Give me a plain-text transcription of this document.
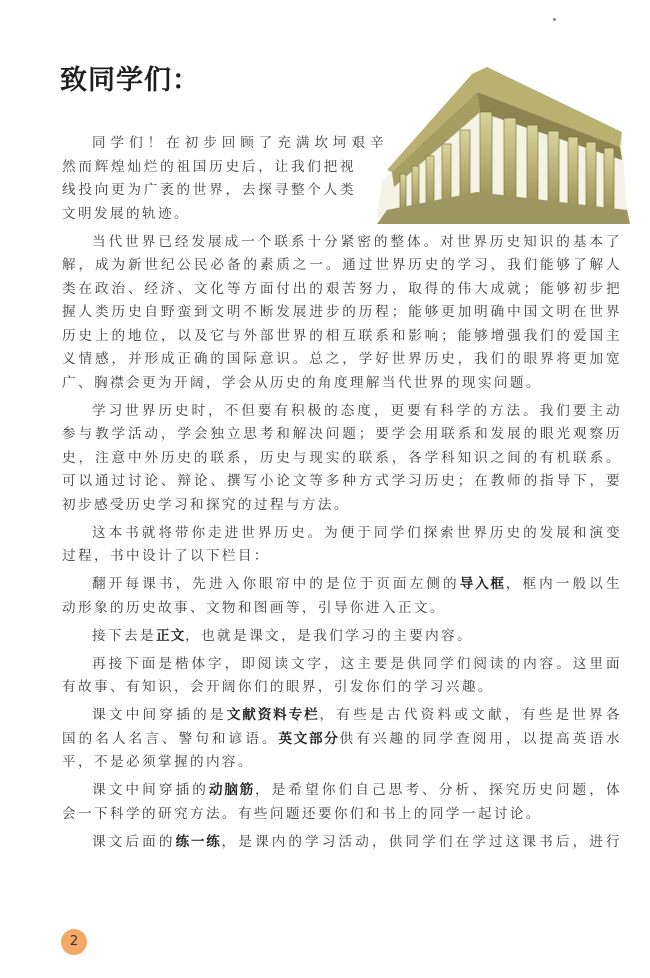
致同学们：
同学们！在初步回顾了充满坎坷艰辛
然而辉煌灿烂的祖国历史后，让我们把视
线投向更为广袤的世界，去探寻整个人类
文明发展的轨迹。
当代世界已经发展成一个联系十分紧密的整体。对世界历史知识的基本了
解，成为新世纪公民必备的素质之一。通过世界历史的学习，我们能够了解人
类在政治、经济、文化等方面付出的艰苦努力，取得的伟大成就；能够初步把
握人类历史自野蛮到文明不断发展进步的历程；能够更加明确中国文明在世界
历史上的地位，以及它与外部世界的相互联系和影响；能够增强我们的爱国主
义情感，并形成正确的国际意识。总之，学好世界历史，我们的眼界将更加宽
广、胸襟会更为开阔，学会从历史的角度理解当代世界的现实问题。
学习世界历史时，不但要有积极的态度，更要有科学的方法。我们要主动
参与教学活动，学会独立思考和解决问题；要学会用联系和发展的眼光观察历
史，注意中外历史的联系，历史与现实的联系，各学科知识之间的有机联系。
可以通过讨论、辩论、撰写小论文等多种方式学习历史；在教师的指导下，要
初步感受历史学习和探究的过程与方法。
这本书就将带你走进世界历史。为便于同学们探索世界历史的发展和演变
过程，书中设计了以下栏目：
翻开每课书，先进入你眼帘中的是位于页面左侧的导入框，框内一般以生
动形象的历史故事、文物和图画等，引导你进入正文。
接下去是正文，也就是课文，是我们学习的主要内容。
再接下面是楷体字，即阅读文字，这主要是供同学们阅读的内容。这里面
有故事、有知识，会开阔你们的眼界，引发你们的学习兴趣。
课文中间穿插的是文献资料专栏，有些是古代资料或文献，有些是世界各
国的名人名言、警句和谚语。英文部分供有兴趣的同学查阅用，以提高英语水
平，不是必须掌握的内容。
课文中间穿插的动脑筋，是希望你们自己思考、分析、探究历史问题，体
会一下科学的研究方法。有些问题还要你们和书上的同学一起讨论。
课文后面的练一练，是课内的学习活动，供同学们在学过这课书后，进行
2
